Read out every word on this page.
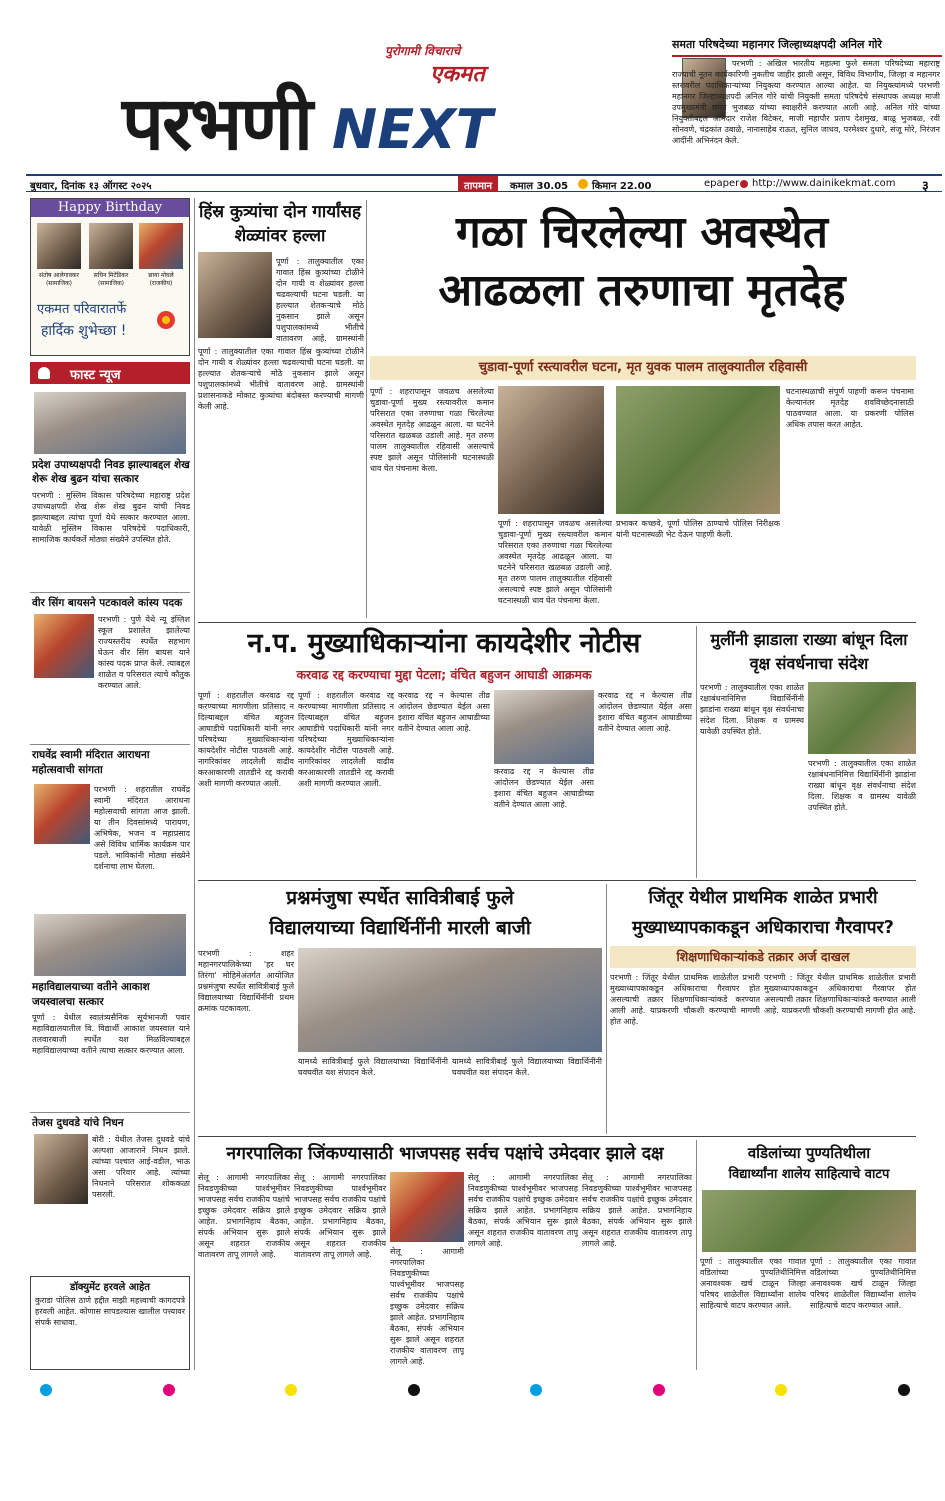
पुरोगामी विचाराचे
एकमत
परभणी NEXT
समता परिषदेच्या महानगर जिल्हाध्यक्षपदी अनिल गोरे
परभणी : अखिल भारतीय महात्मा फुले समता परिषदेच्या महाराष्ट्र राज्याची नूतन कार्यकारिणी नुकतीच जाहीर झाली असून, विविध विभागीय, जिल्हा व महानगर स्तरावरील पदाधिकाऱ्यांच्या नियुक्त्या करण्यात आल्या आहेत. या नियुक्त्यांमध्ये परभणी महानगर जिल्हाध्यक्षपदी अनिल गोरे यांची नियुक्ती समता परिषदेचे संस्थापक अध्यक्ष माजी उपमुख्यमंत्री छगन भुजबळ यांच्या स्वाक्षरीने करण्यात आली आहे. अनिल गोरे यांच्या नियुक्तीबद्दल आमदार राजेश विटेकर, माजी महापौर प्रताप देशमुख, बाळू भुजबळ, रवी सोनवणे, चंद्रकांत उबाळे, नानासाहेब राऊत, सुनिल जाधव, परमेश्वर दुधारे, संजू मोरे, निरंजन आदींनी अभिनंदन केले.
बुधवार, दिनांक १३ ऑगस्ट २०२५	तापमान	कमाल 30.05 किमान 22.00	epaper http://www.dainikekmat.com ३
Happy Birthday
संतोष आलेगावकर
(सामाजिक)
सचिन मिटेंडिकर
(सामाजिक)
छाया मोघले
(राजकीय)
एकमत परिवारातर्फे
हार्दिक शुभेच्छा !
फास्ट न्यूज
प्रदेश उपाध्यक्षपदी निवड झाल्याबद्दल शेख शेरू शेख बुढन यांचा सत्कार
परभणी : मुस्लिम विकास परिषदेच्या महाराष्ट्र प्रदेश उपाध्यक्षपदी शेख शेरू शेख बुढन यांची निवड झाल्याबद्दल त्यांचा पूर्णा येथे सत्कार करण्यात आला. यावेळी मुस्लिम विकास परिषदेचे पदाधिकारी, सामाजिक कार्यकर्ते मोठ्या संख्येने उपस्थित होते.
वीर सिंग बायसने पटकावले कांस्य पदक
परभणी : पुणे येथे न्यू इंग्लिश स्कूल प्रशालेत झालेल्या राज्यस्तरीय स्पर्धेत सहभाग घेऊन वीर सिंग बायस याने कांस्य पदक प्राप्त केले. त्याबद्दल शाळेत व परिसरात त्याचे कौतुक करण्यात आले.
राघवेंद्र स्वामी मंदिरात आराधना महोत्सवाची सांगता
परभणी : शहरातील राघवेंद्र स्वामी मंदिरात आराधना महोत्सवाची सांगता आज झाली. या तीन दिवसांमध्ये पारायण, अभिषेक, भजन व महाप्रसाद असे विविध धार्मिक कार्यक्रम पार पडले. भाविकांनी मोठ्या संख्येने दर्शनाचा लाभ घेतला.
महाविद्यालयाच्या वतीने आकाश जयस्वालचा सत्कार
पूर्णा : येथील स्वातंत्र्यसैनिक सूर्यभानजी पवार महाविद्यालयातील वि. विद्यार्थी आकाश जयस्वाल याने तलवारबाजी स्पर्धेत यश मिळविल्याबद्दल महाविद्यालयाच्या वतीने त्याचा सत्कार करण्यात आला.
तेजस दुधवडे यांचे निधन
बोरी : येथील तेजस दुधवडे यांचे अल्पशा आजाराने निधन झाले. त्यांच्या पश्चात आई-वडील, भाऊ असा परिवार आहे. त्यांच्या निधनाने परिसरात शोककळा पसरली.
डॉक्युमेंट हरवले आहेत
कुराडा पोलिस ठाणे हद्दीत माझी महत्त्वाची कागदपत्रे हरवली आहेत. कोणास सापडल्यास खालील पत्त्यावर संपर्क साधावा.
हिंस्र कुत्र्यांचा दोन गार्यांसह शेळ्यांवर हल्ला
पूर्णा : तालुक्यातील एका गावात हिंस्र कुत्र्यांच्या टोळीने दोन गायी व शेळ्यांवर हल्ला चढवल्याची घटना घडली. या हल्ल्यात शेतकऱ्याचे मोठे नुकसान झाले असून पशुपालकांमध्ये भीतीचे वातावरण आहे. ग्रामस्थांनी
पूर्णा : तालुक्यातील एका गावात हिंस्र कुत्र्यांच्या टोळीने दोन गायी व शेळ्यांवर हल्ला चढवल्याची घटना घडली. या हल्ल्यात शेतकऱ्याचे मोठे नुकसान झाले असून पशुपालकांमध्ये भीतीचे वातावरण आहे. ग्रामस्थांनी प्रशासनाकडे मोकाट कुत्र्यांचा बंदोबस्त करण्याची मागणी केली आहे.
गळा चिरलेल्या अवस्थेत
आढळला तरुणाचा मृतदेह
चुडावा-पूर्णा रस्त्यावरील घटना, मृत युवक पालम तालुक्यातील रहिवासी
पूर्णा : शहरापासून जवळच असलेल्या चुडावा-पूर्णा मुख्य रस्त्यावरील कमान परिसरात एका तरुणाचा गळा चिरलेल्या अवस्थेत मृतदेह आढळून आला. या घटनेने परिसरात खळबळ उडाली आहे. मृत तरुण पालम तालुक्यातील रहिवासी असल्याचे स्पष्ट झाले असून पोलिसांनी घटनास्थळी धाव घेत पंचनामा केला.
पूर्णा : शहरापासून जवळच असलेल्या चुडावा-पूर्णा मुख्य रस्त्यावरील कमान परिसरात एका तरुणाचा गळा चिरलेल्या अवस्थेत मृतदेह आढळून आला. या घटनेने परिसरात खळबळ उडाली आहे. मृत तरुण पालम तालुक्यातील रहिवासी असल्याचे स्पष्ट झाले असून पोलिसांनी घटनास्थळी धाव घेत पंचनामा केला.
प्रभाकर कच्छवे, पूर्णा पोलिस ठाण्याचे पोलिस निरीक्षक यांनी घटनास्थळी भेट देऊन पाहणी केली.
घटनास्थळाची संपूर्ण पाहणी करून पंचनामा केल्यानंतर मृतदेह शवविच्छेदनासाठी पाठवण्यात आला. या प्रकरणी पोलिस अधिक तपास करत आहेत.
न.प. मुख्याधिकाऱ्यांना कायदेशीर नोटीस
करवाढ रद्द करण्याचा मुद्दा पेटला; वंचित बहुजन आघाडी आक्रमक
पूर्णा : शहरातील करवाढ रद्द करण्याच्या मागणीला प्रतिसाद न दिल्याबद्दल वंचित बहुजन आघाडीचे पदाधिकारी यांनी नगर परिषदेच्या मुख्याधिकाऱ्यांना कायदेशीर नोटीस पाठवली आहे. नागरिकांवर लादलेली वाढीव करआकारणी तातडीने रद्द करावी अशी मागणी करण्यात आली.
पूर्णा : शहरातील करवाढ रद्द करण्याच्या मागणीला प्रतिसाद न दिल्याबद्दल वंचित बहुजन आघाडीचे पदाधिकारी यांनी नगर परिषदेच्या मुख्याधिकाऱ्यांना कायदेशीर नोटीस पाठवली आहे. नागरिकांवर लादलेली वाढीव करआकारणी तातडीने रद्द करावी अशी मागणी करण्यात आली.
करवाढ रद्द न केल्यास तीव्र आंदोलन छेडण्यात येईल असा इशारा वंचित बहुजन आघाडीच्या वतीने देण्यात आला आहे.
करवाढ रद्द न केल्यास तीव्र आंदोलन छेडण्यात येईल असा इशारा वंचित बहुजन आघाडीच्या वतीने देण्यात आला आहे.
करवाढ रद्द न केल्यास तीव्र आंदोलन छेडण्यात येईल असा इशारा वंचित बहुजन आघाडीच्या वतीने देण्यात आला आहे.
मुलींनी झाडाला राख्या बांधून दिला वृक्ष संवर्धनाचा संदेश
परभणी : तालुक्यातील एका शाळेत रक्षाबंधनानिमित्त विद्यार्थिनींनी झाडांना राख्या बांधून वृक्ष संवर्धनाचा संदेश दिला. शिक्षक व ग्रामस्थ यावेळी उपस्थित होते.
परभणी : तालुक्यातील एका शाळेत रक्षाबंधनानिमित्त विद्यार्थिनींनी झाडांना राख्या बांधून वृक्ष संवर्धनाचा संदेश दिला. शिक्षक व ग्रामस्थ यावेळी उपस्थित होते.
प्रश्नमंजुषा स्पर्धेत सावित्रीबाई फुले
विद्यालयाच्या विद्यार्थिनींनी मारली बाजी
परभणी : शहर महानगरपालिकेच्या 'हर घर तिरंगा' मोहिमेअंतर्गत आयोजित प्रश्नमंजुषा स्पर्धेत सावित्रीबाई फुले विद्यालयाच्या विद्यार्थिनींनी प्रथम क्रमांक पटकावला.
यामध्ये सावित्रीबाई फुले विद्यालयाच्या विद्यार्थिनींनी घवघवीत यश संपादन केले.
यामध्ये सावित्रीबाई फुले विद्यालयाच्या विद्यार्थिनींनी घवघवीत यश संपादन केले.
जिंतूर येथील प्राथमिक शाळेत प्रभारी
मुख्याध्यापकाकडून अधिकाराचा गैरवापर?
शिक्षणाधिकाऱ्यांकडे तक्रार अर्ज दाखल
परभणी : जिंतूर येथील प्राथमिक शाळेतील प्रभारी मुख्याध्यापकाकडून अधिकाराचा गैरवापर होत असल्याची तक्रार शिक्षणाधिकाऱ्यांकडे करण्यात आली आहे. याप्रकरणी चौकशी करण्याची मागणी होत आहे.
परभणी : जिंतूर येथील प्राथमिक शाळेतील प्रभारी मुख्याध्यापकाकडून अधिकाराचा गैरवापर होत असल्याची तक्रार शिक्षणाधिकाऱ्यांकडे करण्यात आली आहे. याप्रकरणी चौकशी करण्याची मागणी होत आहे.
नगरपालिका जिंकण्यासाठी भाजपसह सर्वच पक्षांचे उमेदवार झाले दक्ष
सेलू : आगामी नगरपालिका निवडणुकीच्या पार्श्वभूमीवर भाजपसह सर्वच राजकीय पक्षांचे इच्छुक उमेदवार सक्रिय झाले आहेत. प्रभागनिहाय बैठका, संपर्क अभियान सुरू झाले असून शहरात राजकीय वातावरण तापू लागले आहे.
सेलू : आगामी नगरपालिका निवडणुकीच्या पार्श्वभूमीवर भाजपसह सर्वच राजकीय पक्षांचे इच्छुक उमेदवार सक्रिय झाले आहेत. प्रभागनिहाय बैठका, संपर्क अभियान सुरू झाले असून शहरात राजकीय वातावरण तापू लागले आहे.	सेलू : आगामी नगरपालिका निवडणुकीच्या पार्श्वभूमीवर भाजपसह सर्वच राजकीय पक्षांचे इच्छुक उमेदवार सक्रिय झाले आहेत. प्रभागनिहाय बैठका, संपर्क अभियान सुरू झाले असून शहरात राजकीय वातावरण तापू लागले आहे.
सेलू : आगामी नगरपालिका निवडणुकीच्या पार्श्वभूमीवर भाजपसह सर्वच राजकीय पक्षांचे इच्छुक उमेदवार सक्रिय झाले आहेत. प्रभागनिहाय बैठका, संपर्क अभियान सुरू झाले असून शहरात राजकीय वातावरण तापू लागले आहे.
सेलू : आगामी नगरपालिका निवडणुकीच्या पार्श्वभूमीवर भाजपसह सर्वच राजकीय पक्षांचे इच्छुक उमेदवार सक्रिय झाले आहेत. प्रभागनिहाय बैठका, संपर्क अभियान सुरू झाले असून शहरात राजकीय वातावरण तापू लागले आहे.
वडिलांच्या पुण्यतिथीला
विद्यार्थ्यांना शालेय साहित्याचे वाटप
पूर्णा : तालुक्यातील एका गावात वडिलांच्या पुण्यतिथीनिमित्त अनावश्यक खर्च टाळून जिल्हा परिषद शाळेतील विद्यार्थ्यांना शालेय साहित्याचे वाटप करण्यात आले.
पूर्णा : तालुक्यातील एका गावात वडिलांच्या पुण्यतिथीनिमित्त अनावश्यक खर्च टाळून जिल्हा परिषद शाळेतील विद्यार्थ्यांना शालेय साहित्याचे वाटप करण्यात आले.
